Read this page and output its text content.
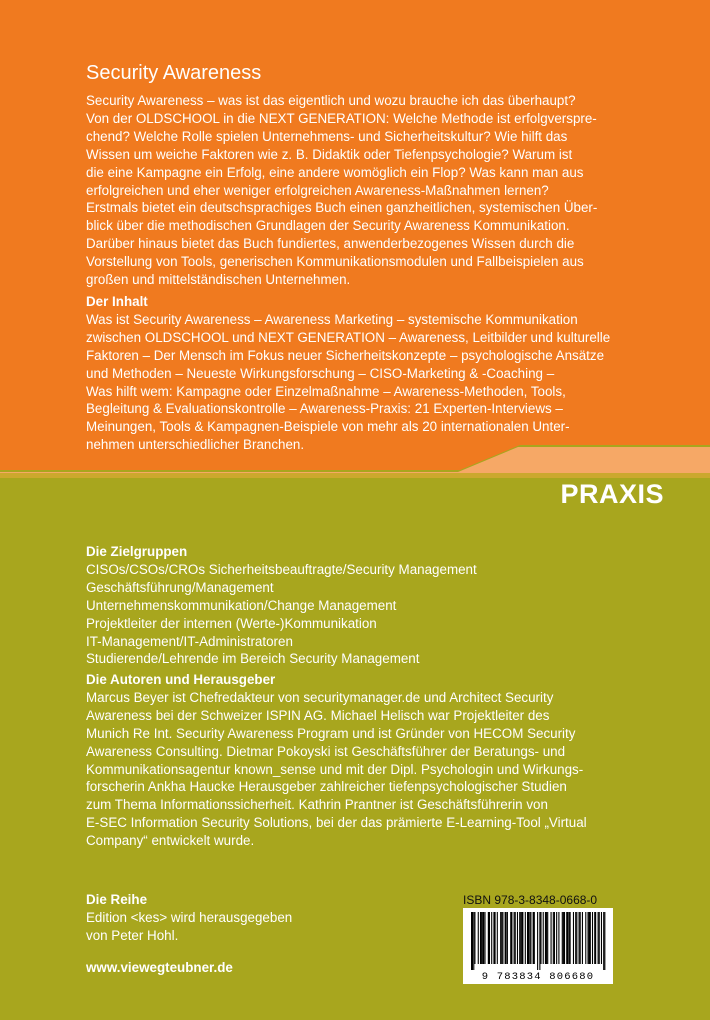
PRAXIS
Security Awareness

Security Awareness – was ist das eigentlich und wozu brauche ich das überhaupt?
Von der OLDSCHOOL in die NEXT GENERATION: Welche Methode ist erfolgverspre-
chend? Welche Rolle spielen Unternehmens- und Sicherheitskultur? Wie hilft das
Wissen um weiche Faktoren wie z. B. Didaktik oder Tiefenpsychologie? Warum ist
die eine Kampagne ein Erfolg, eine andere womöglich ein Flop? Was kann man aus
erfolgreichen und eher weniger erfolgreichen Awareness-Maßnahmen lernen?
Erstmals bietet ein deutschsprachiges Buch einen ganzheitlichen, systemischen Über-
blick über die methodischen Grundlagen der Security Awareness Kommunikation.
Darüber hinaus bietet das Buch fundiertes, anwenderbezogenes Wissen durch die
Vorstellung von Tools, generischen Kommunikationsmodulen und Fallbeispielen aus
großen und mittelständischen Unternehmen.

Der Inhalt

Was ist Security Awareness – Awareness Marketing – systemische Kommunikation
zwischen OLDSCHOOL und NEXT GENERATION – Awareness, Leitbilder und kulturelle
Faktoren – Der Mensch im Fokus neuer Sicherheitskonzepte – psychologische Ansätze
und Methoden – Neueste Wirkungsforschung – CISO-Marketing & -Coaching –
Was hilft wem: Kampagne oder Einzelmaßnahme – Awareness-Methoden, Tools,
Begleitung & Evaluationskontrolle – Awareness-Praxis: 21 Experten-Interviews –
Meinungen, Tools & Kampagnen-Beispiele von mehr als 20 internationalen Unter-
nehmen unterschiedlicher Branchen.

Die Zielgruppen

CISOs/CSOs/CROs Sicherheitsbeauftragte/Security Management
Geschäftsführung/Management
Unternehmenskommunikation/Change Management
Projektleiter der internen (Werte-)Kommunikation
IT-Management/IT-Administratoren
Studierende/Lehrende im Bereich Security Management

Die Autoren und Herausgeber

Marcus Beyer ist Chefredakteur von securitymanager.de und Architect Security
Awareness bei der Schweizer ISPIN AG. Michael Helisch war Projektleiter des
Munich Re Int. Security Awareness Program und ist Gründer von HECOM Security
Awareness Consulting. Dietmar Pokoyski ist Geschäftsführer der Beratungs- und
Kommunikationsagentur known_sense und mit der Dipl. Psychologin und Wirkungs-
forscherin Ankha Haucke Herausgeber zahlreicher tiefenpsychologischer Studien
zum Thema Informationssicherheit. Kathrin Prantner ist Geschäftsführerin von
E-SEC Information Security Solutions, bei der das prämierte E-Learning-Tool „Virtual
Company“ entwickelt wurde.

Die Reihe

Edition <kes> wird herausgegeben
von Peter Hohl.

www.viewegteubner.de
ISBN 978-3-8348-0668-0
9 783834 806680
